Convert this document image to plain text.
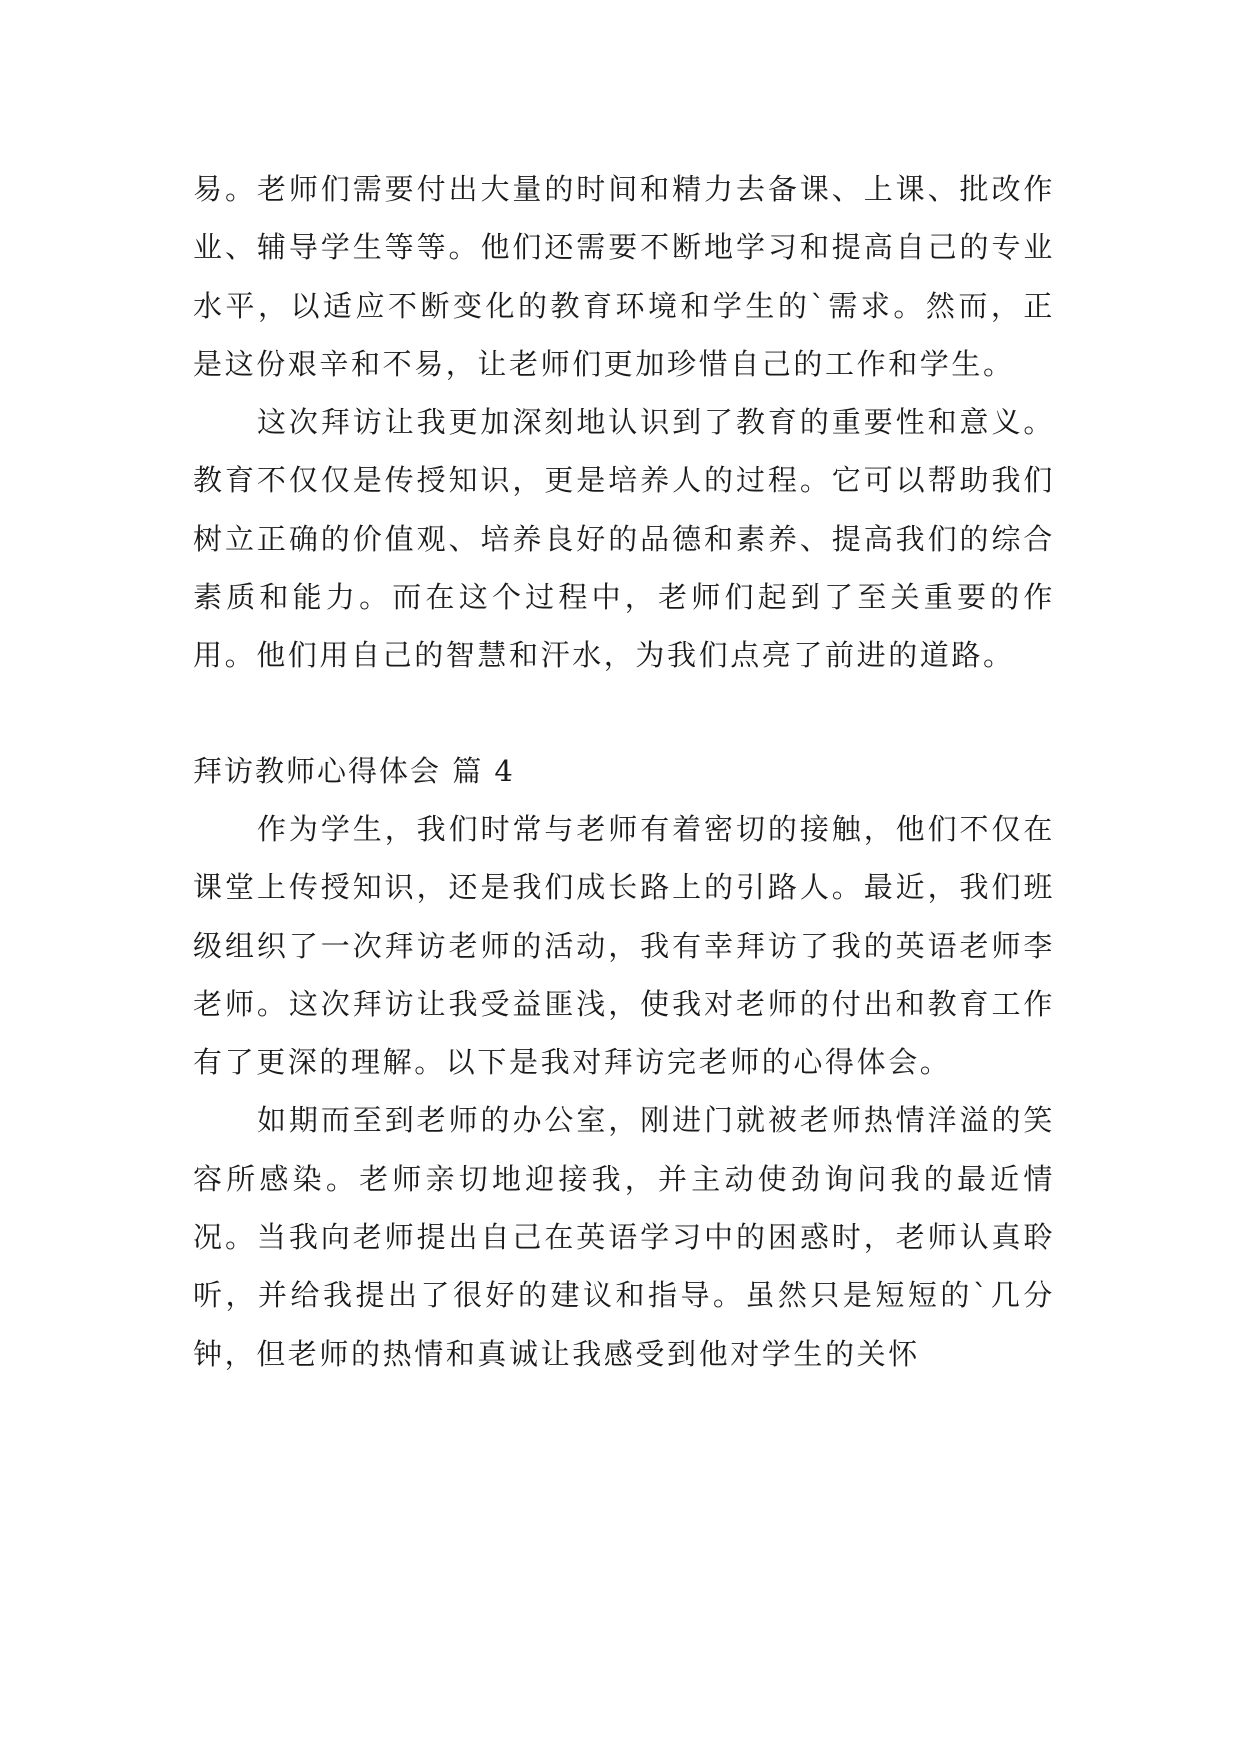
易。老师们需要付出大量的时间和精力去备课、上课、批改作业、辅导学生等等。他们还需要不断地学习和提高自己的专业水平，以适应不断变化的教育环境和学生的`需求。然而，正是这份艰辛和不易，让老师们更加珍惜自己的工作和学生。

这次拜访让我更加深刻地认识到了教育的重要性和意义。教育不仅仅是传授知识，更是培养人的过程。它可以帮助我们树立正确的价值观、培养良好的品德和素养、提高我们的综合素质和能力。而在这个过程中，老师们起到了至关重要的作用。他们用自己的智慧和汗水，为我们点亮了前进的道路。

拜访教师心得体会 篇 4

作为学生，我们时常与老师有着密切的接触，他们不仅在课堂上传授知识，还是我们成长路上的引路人。最近，我们班级组织了一次拜访老师的活动，我有幸拜访了我的英语老师李老师。这次拜访让我受益匪浅，使我对老师的付出和教育工作有了更深的理解。以下是我对拜访完老师的心得体会。

如期而至到老师的办公室，刚进门就被老师热情洋溢的笑容所感染。老师亲切地迎接我，并主动使劲询问我的最近情况。当我向老师提出自己在英语学习中的困惑时，老师认真聆听，并给我提出了很好的建议和指导。虽然只是短短的`几分钟，但老师的热情和真诚让我感受到他对学生的关怀
